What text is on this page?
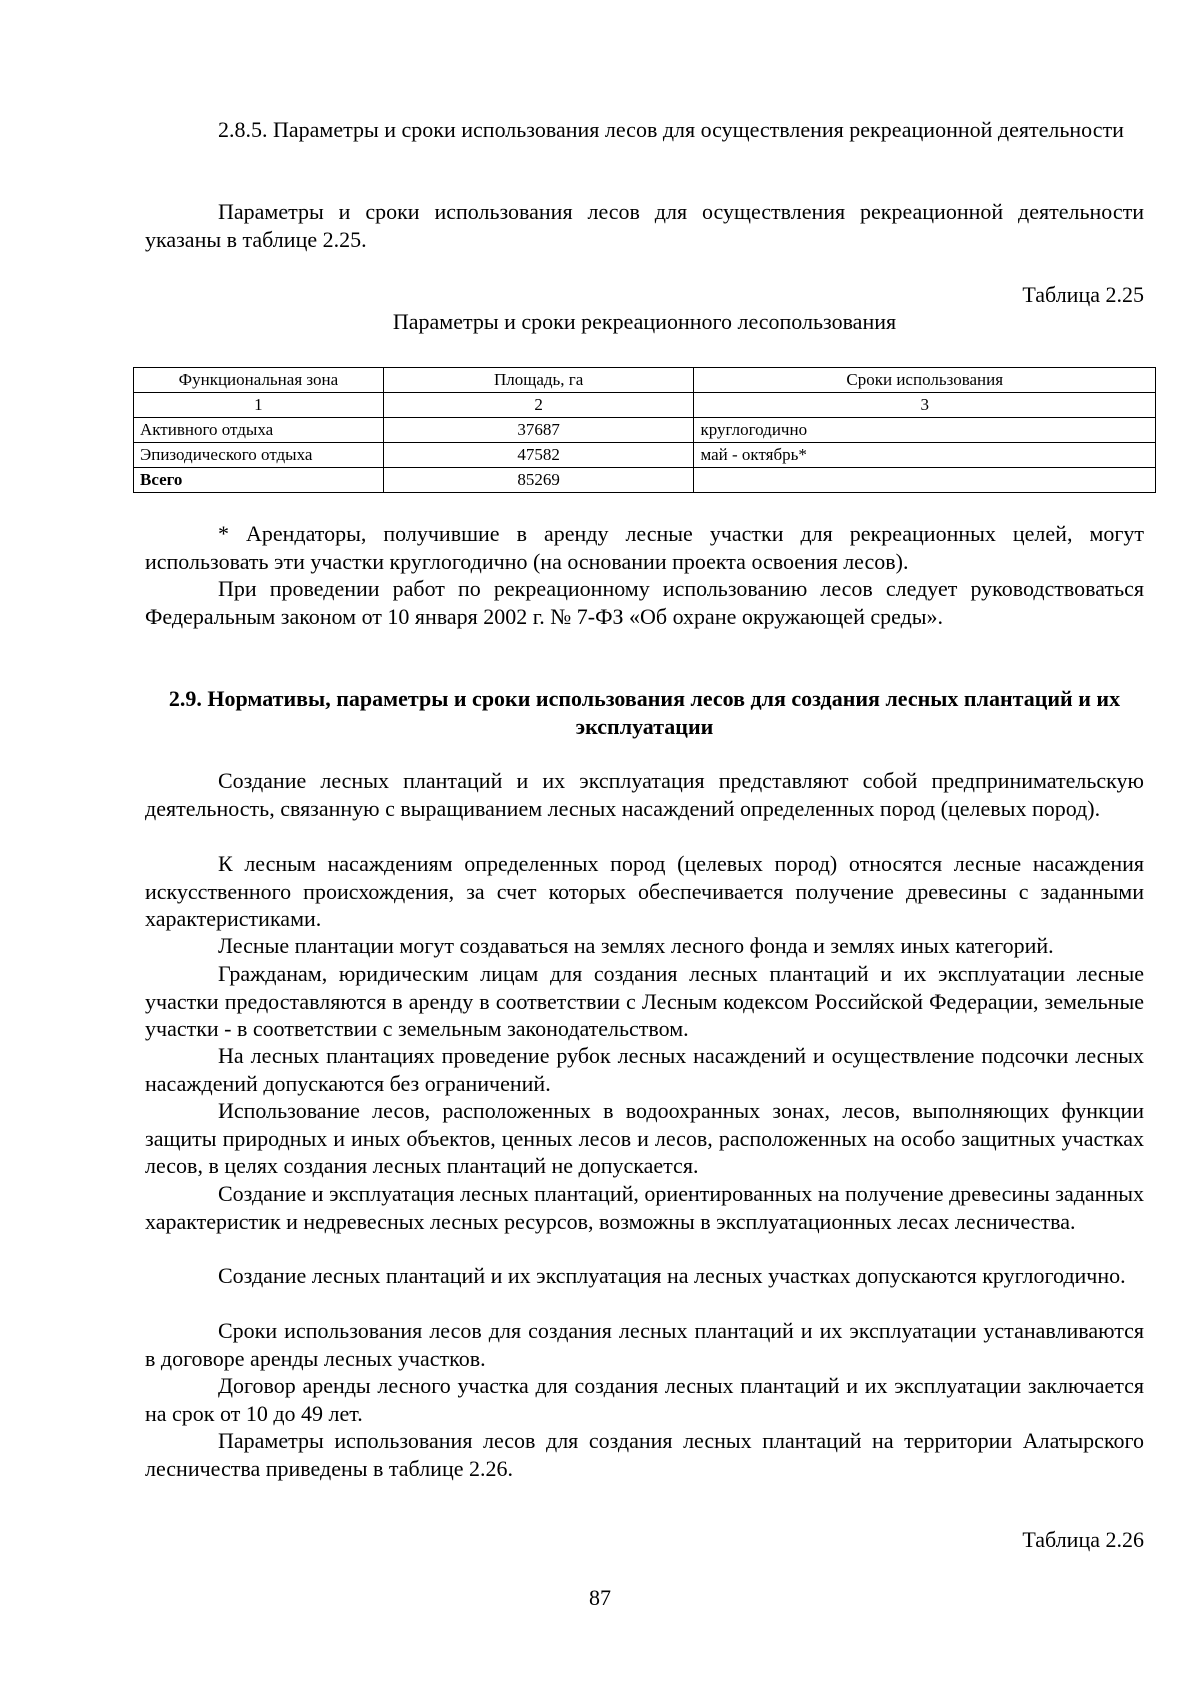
2.8.5. Параметры и сроки использования лесов для осуществления рекреационной деятельности
Параметры и сроки использования лесов для осуществления рекреационной деятельности указаны в таблице 2.25.
Таблица 2.25
Параметры и сроки рекреационного лесопользования
Функциональная зона	Площадь, га	Сроки использования
1	2	3
Активного отдыха	37687	круглогодично
Эпизодического отдыха	47582	май - октябрь*
Всего	85269	
* Арендаторы, получившие в аренду лесные участки для рекреационных целей, могут использовать эти участки круглогодично (на основании проекта освоения лесов).
При проведении работ по рекреационному использованию лесов следует руководствоваться Федеральным законом от 10 января 2002 г. № 7-ФЗ «Об охране окружающей среды».
2.9. Нормативы, параметры и сроки использования лесов для создания лесных плантаций и их эксплуатации
Создание лесных плантаций и их эксплуатация представляют собой предпринимательскую деятельность, связанную с выращиванием лесных насаждений определенных пород (целевых пород).
К лесным насаждениям определенных пород (целевых пород) относятся лесные насаждения искусственного происхождения, за счет которых обеспечивается получение древесины с заданными характеристиками.
Лесные плантации могут создаваться на землях лесного фонда и землях иных категорий.
Гражданам, юридическим лицам для создания лесных плантаций и их эксплуатации лесные участки предоставляются в аренду в соответствии с Лесным кодексом Российской Федерации, земельные участки - в соответствии с земельным законодательством.
На лесных плантациях проведение рубок лесных насаждений и осуществление подсочки лесных насаждений допускаются без ограничений.
Использование лесов, расположенных в водоохранных зонах, лесов, выполняющих функции защиты природных и иных объектов, ценных лесов и лесов, расположенных на особо защитных участках лесов, в целях создания лесных плантаций не допускается.
Создание и эксплуатация лесных плантаций, ориентированных на получение древесины заданных характеристик и недревесных лесных ресурсов, возможны в эксплуатационных лесах лесничества.
Создание лесных плантаций и их эксплуатация на лесных участках допускаются круглогодично.
Сроки использования лесов для создания лесных плантаций и их эксплуатации устанавливаются в договоре аренды лесных участков.
Договор аренды лесного участка для создания лесных плантаций и их эксплуатации заключается на срок от 10 до 49 лет.
Параметры использования лесов для создания лесных плантаций на территории Алатырского лесничества приведены в таблице 2.26.
Таблица 2.26
87
